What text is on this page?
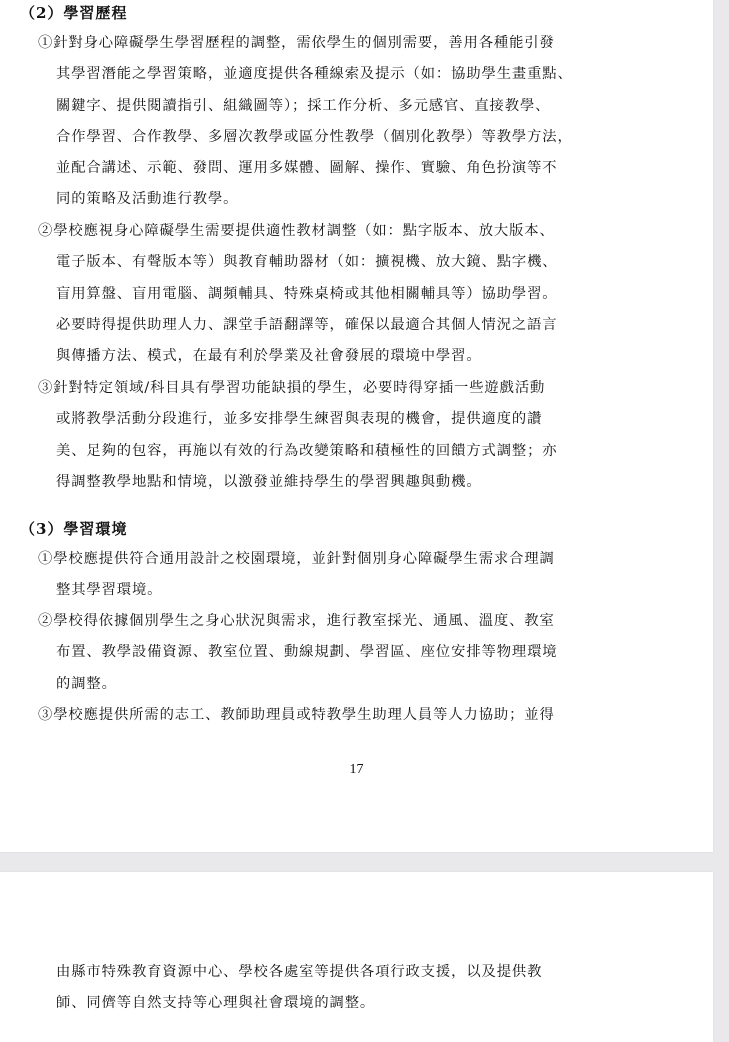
（2）學習歷程
①針對身心障礙學生學習歷程的調整，需依學生的個別需要，善用各種能引發
其學習潛能之學習策略，並適度提供各種線索及提示（如：協助學生畫重點、
關鍵字、提供閱讀指引、組織圖等）；採工作分析、多元感官、直接教學、
合作學習、合作教學、多層次教學或區分性教學（個別化教學）等教學方法，
並配合講述、示範、發問、運用多媒體、圖解、操作、實驗、角色扮演等不
同的策略及活動進行教學。
②學校應視身心障礙學生需要提供適性教材調整（如：點字版本、放大版本、
電子版本、有聲版本等）與教育輔助器材（如：擴視機、放大鏡、點字機、
盲用算盤、盲用電腦、調頻輔具、特殊桌椅或其他相關輔具等）協助學習。
必要時得提供助理人力、課堂手語翻譯等，確保以最適合其個人情況之語言
與傳播方法、模式，在最有利於學業及社會發展的環境中學習。
③針對特定領域/科目具有學習功能缺損的學生，必要時得穿插一些遊戲活動
或將教學活動分段進行，並多安排學生練習與表現的機會，提供適度的讚
美、足夠的包容，再施以有效的行為改變策略和積極性的回饋方式調整；亦
得調整教學地點和情境，以激發並維持學生的學習興趣與動機。
（3）學習環境
①學校應提供符合通用設計之校園環境，並針對個別身心障礙學生需求合理調
整其學習環境。
②學校得依據個別學生之身心狀況與需求，進行教室採光、通風、溫度、教室
布置、教學設備資源、教室位置、動線規劃、學習區、座位安排等物理環境
的調整。
③學校應提供所需的志工、教師助理員或特教學生助理人員等人力協助；並得
17
由縣市特殊教育資源中心、學校各處室等提供各項行政支援，以及提供教
師、同儕等自然支持等心理與社會環境的調整。
